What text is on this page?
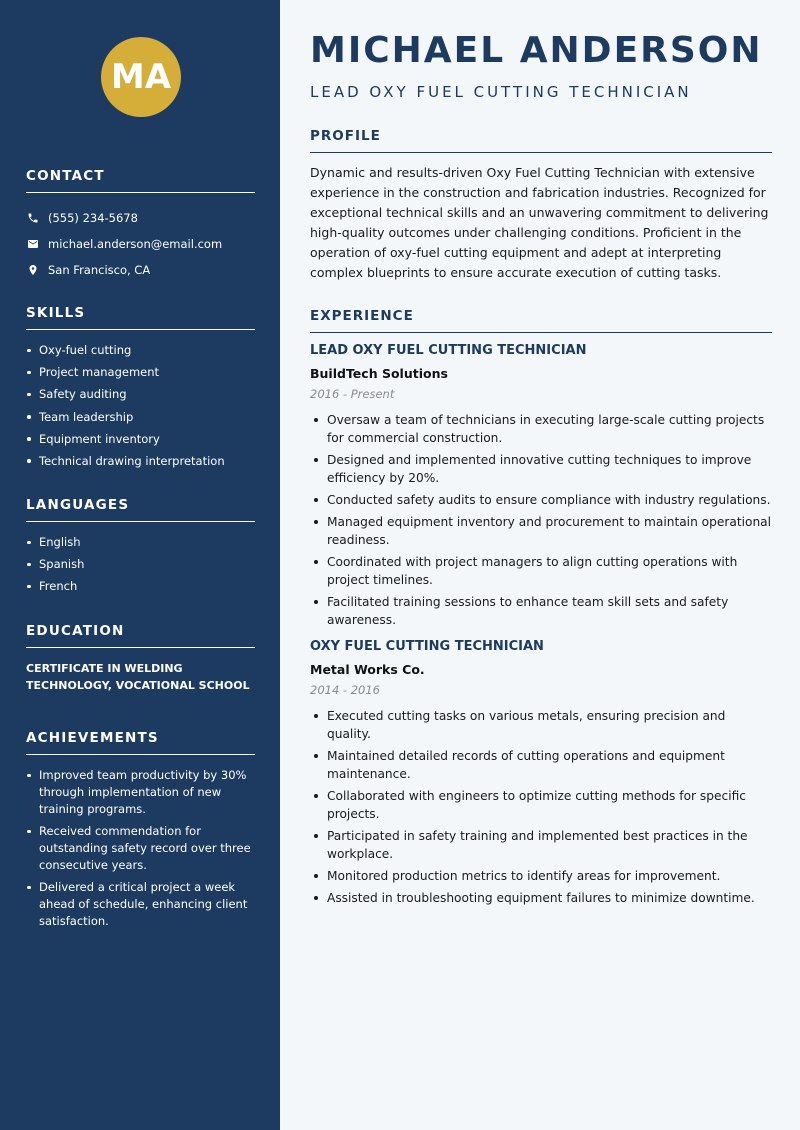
MA
CONTACT
(555) 234-5678
michael.anderson@email.com
San Francisco, CA
SKILLS
Oxy-fuel cutting
Project management
Safety auditing
Team leadership
Equipment inventory
Technical drawing interpretation
LANGUAGES
English
Spanish
French
EDUCATION
CERTIFICATE IN WELDING
TECHNOLOGY, VOCATIONAL SCHOOL
ACHIEVEMENTS
Improved team productivity by 30% through implementation of new training programs.
Received commendation for outstanding safety record over three consecutive years.
Delivered a critical project a week ahead of schedule, enhancing client satisfaction.
MICHAEL ANDERSON
LEAD OXY FUEL CUTTING TECHNICIAN
PROFILE

Dynamic and results-driven Oxy Fuel Cutting Technician with extensive experience in the construction and fabrication industries. Recognized for exceptional technical skills and an unwavering commitment to delivering high-quality outcomes under challenging conditions. Proficient in the operation of oxy-fuel cutting equipment and adept at interpreting complex blueprints to ensure accurate execution of cutting tasks.

EXPERIENCE
LEAD OXY FUEL CUTTING TECHNICIAN
BuildTech Solutions
2016 - Present
Oversaw a team of technicians in executing large-scale cutting projects for commercial construction.
Designed and implemented innovative cutting techniques to improve efficiency by 20%.
Conducted safety audits to ensure compliance with industry regulations.
Managed equipment inventory and procurement to maintain operational readiness.
Coordinated with project managers to align cutting operations with project timelines.
Facilitated training sessions to enhance team skill sets and safety awareness.
OXY FUEL CUTTING TECHNICIAN
Metal Works Co.
2014 - 2016
Executed cutting tasks on various metals, ensuring precision and quality.
Maintained detailed records of cutting operations and equipment maintenance.
Collaborated with engineers to optimize cutting methods for specific projects.
Participated in safety training and implemented best practices in the workplace.
Monitored production metrics to identify areas for improvement.
Assisted in troubleshooting equipment failures to minimize downtime.
